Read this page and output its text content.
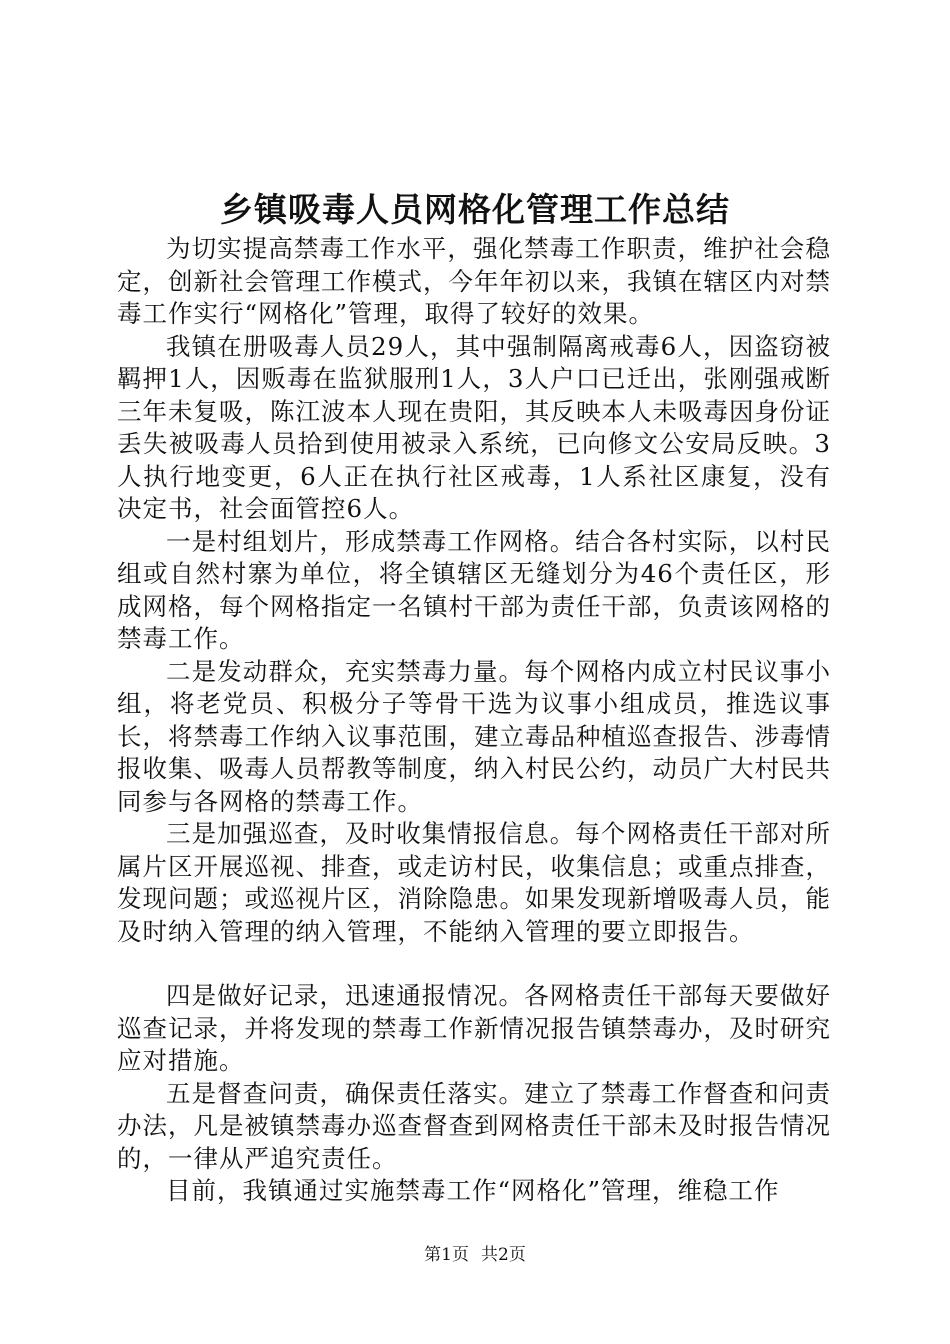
乡镇吸毒人员网格化管理工作总结

为切实提高禁毒工作水平，强化禁毒工作职责，维护社会稳定，创新社会管理工作模式，今年年初以来，我镇在辖区内对禁毒工作实行“网格化”管理，取得了较好的效果。

我镇在册吸毒人员29人，其中强制隔离戒毒6人，因盗窃被羁押1人，因贩毒在监狱服刑1人，3人户口已迁出，张刚强戒断三年未复吸，陈江波本人现在贵阳，其反映本人未吸毒因身份证丢失被吸毒人员拾到使用被录入系统，已向修文公安局反映。3人执行地变更，6人正在执行社区戒毒，1人系社区康复，没有决定书，社会面管控6人。

一是村组划片，形成禁毒工作网格。结合各村实际，以村民组或自然村寨为单位，将全镇辖区无缝划分为46个责任区，形成网格，每个网格指定一名镇村干部为责任干部，负责该网格的禁毒工作。

二是发动群众，充实禁毒力量。每个网格内成立村民议事小组，将老党员、积极分子等骨干选为议事小组成员，推选议事长，将禁毒工作纳入议事范围，建立毒品种植巡查报告、涉毒情报收集、吸毒人员帮教等制度，纳入村民公约，动员广大村民共同参与各网格的禁毒工作。

三是加强巡查，及时收集情报信息。每个网格责任干部对所属片区开展巡视、排查，或走访村民，收集信息；或重点排查，发现问题；或巡视片区，消除隐患。如果发现新增吸毒人员，能及时纳入管理的纳入管理，不能纳入管理的要立即报告。

四是做好记录，迅速通报情况。各网格责任干部每天要做好巡查记录，并将发现的禁毒工作新情况报告镇禁毒办，及时研究应对措施。

五是督查问责，确保责任落实。建立了禁毒工作督查和问责办法，凡是被镇禁毒办巡查督查到网格责任干部未及时报告情况的，一律从严追究责任。

目前，我镇通过实施禁毒工作“网格化”管理，维稳工作

第1页 共2页
